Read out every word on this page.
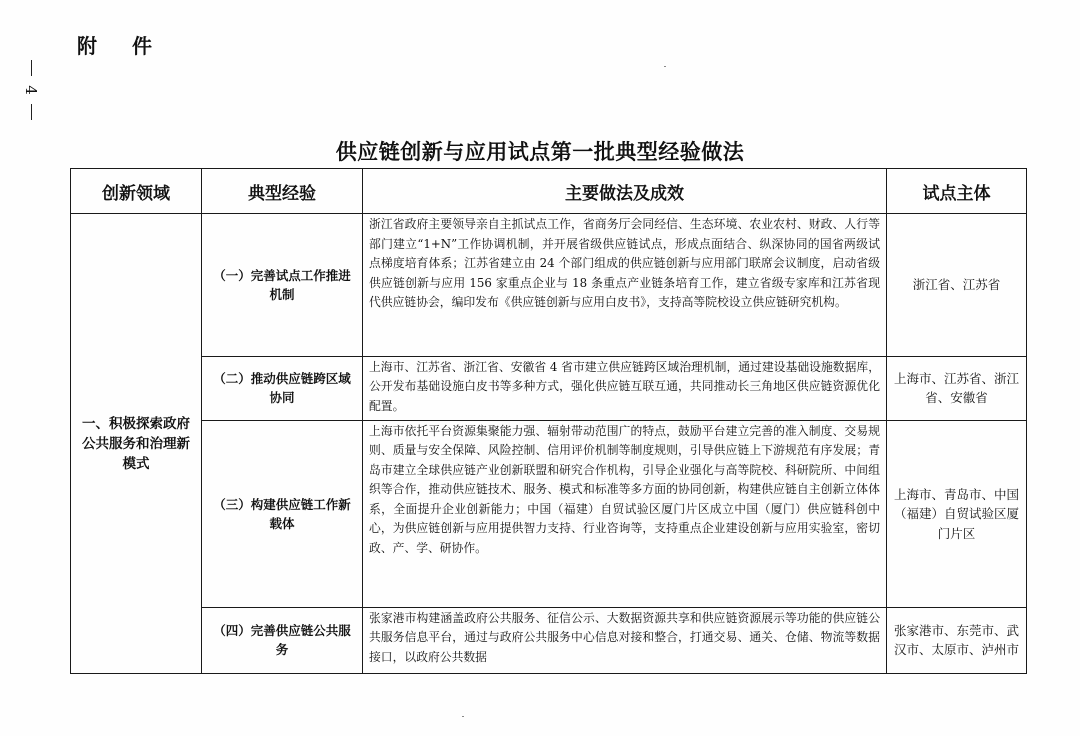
附 件
4
供应链创新与应用试点第一批典型经验做法
创新领域	典型经验	主要做法及成效	试点主体

一、积极探索政府公共服务和治理新模式	（一）完善试点工作推进机制	浙江省政府主要领导亲自主抓试点工作，省商务厅会同经信、生态环境、农业农村、财政、人行等部门建立“1+N”工作协调机制，并开展省级供应链试点，形成点面结合、纵深协同的国省两级试点梯度培育体系；江苏省建立由 24 个部门组成的供应链创新与应用部门联席会议制度，启动省级供应链创新与应用 156 家重点企业与 18 条重点产业链条培育工作，建立省级专家库和江苏省现代供应链协会，编印发布《供应链创新与应用白皮书》，支持高等院校设立供应链研究机构。	浙江省、江苏省

	（二）推动供应链跨区域协同	上海市、江苏省、浙江省、安徽省 4 省市建立供应链跨区域治理机制，通过建设基础设施数据库，公开发布基础设施白皮书等多种方式，强化供应链互联互通，共同推动长三角地区供应链资源优化配置。	上海市、江苏省、浙江省、安徽省

	（三）构建供应链工作新载体	上海市依托平台资源集聚能力强、辐射带动范围广的特点，鼓励平台建立完善的准入制度、交易规则、质量与安全保障、风险控制、信用评价机制等制度规则，引导供应链上下游规范有序发展；青岛市建立全球供应链产业创新联盟和研究合作机构，引导企业强化与高等院校、科研院所、中间组织等合作，推动供应链技术、服务、模式和标准等多方面的协同创新，构建供应链自主创新立体体系，全面提升企业创新能力；中国（福建）自贸试验区厦门片区成立中国（厦门）供应链科创中心，为供应链创新与应用提供智力支持、行业咨询等，支持重点企业建设创新与应用实验室，密切政、产、学、研协作。	上海市、青岛市、中国（福建）自贸试验区厦门片区

	（四）完善供应链公共服务	张家港市构建涵盖政府公共服务、征信公示、大数据资源共享和供应链资源展示等功能的供应链公共服务信息平台，通过与政府公共服务中心信息对接和整合，打通交易、通关、仓储、物流等数据接口，以政府公共数据	张家港市、东莞市、武汉市、太原市、泸州市
